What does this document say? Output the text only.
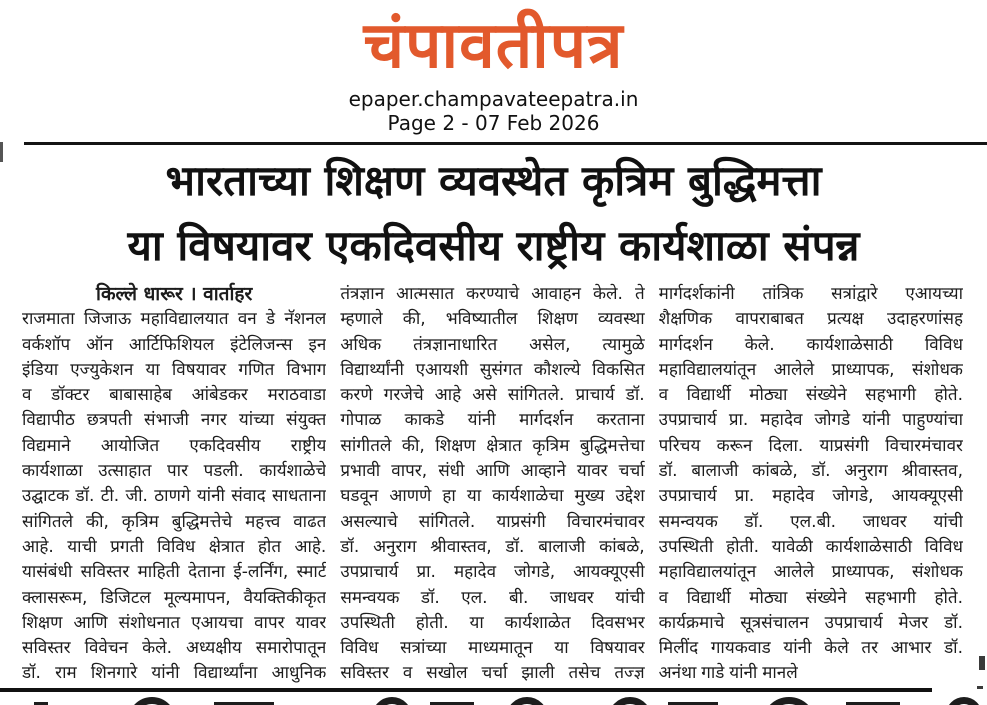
चंपावतीपत्र
epaper.champavateepatra.in
Page 2 - 07 Feb 2026
भारताच्या शिक्षण व्यवस्थेत कृत्रिम बुद्धिमत्ता
या विषयावर एकदिवसीय राष्ट्रीय कार्यशाळा संपन्न
किल्ले धारूर । वार्ताहर
राजमाता जिजाऊ महाविद्यालयात वन डे नॅशनल
वर्कशॉप ऑन आर्टिफिशियल इंटेलिजन्स इन
इंडिया एज्युकेशन या विषयावर गणित विभाग
व डॉक्टर बाबासाहेब आंबेडकर मराठवाडा
विद्यापीठ छत्रपती संभाजी नगर यांच्या संयुक्त
विद्यमाने आयोजित एकदिवसीय राष्ट्रीय
कार्यशाळा उत्साहात पार पडली. कार्यशाळेचे
उद्घाटक डॉ. टी. जी. ठाणगे यांनी संवाद साधताना
सांगितले की, कृत्रिम बुद्धिमत्तेचे महत्त्व वाढत
आहे. याची प्रगती विविध क्षेत्रात होत आहे.
यासंबंधी सविस्तर माहिती देताना ई-लर्निंग, स्मार्ट
क्लासरूम, डिजिटल मूल्यमापन, वैयक्तिकीकृत
शिक्षण आणि संशोधनात एआयचा वापर यावर
सविस्तर विवेचन केले. अध्यक्षीय समारोपातून
डॉ. राम शिनगारे यांनी विद्यार्थ्यांना आधुनिक
तंत्रज्ञान आत्मसात करण्याचे आवाहन केले. ते
म्हणाले की, भविष्यातील शिक्षण व्यवस्था
अधिक तंत्रज्ञानाधारित असेल, त्यामुळे
विद्यार्थ्यांनी एआयशी सुसंगत कौशल्ये विकसित
करणे गरजेचे आहे असे सांगितले. प्राचार्य डॉ.
गोपाळ काकडे यांनी मार्गदर्शन करताना
सांगीतले की, शिक्षण क्षेत्रात कृत्रिम बुद्धिमत्तेचा
प्रभावी वापर, संधी आणि आव्हाने यावर चर्चा
घडवून आणणे हा या कार्यशाळेचा मुख्य उद्देश
असल्याचे सांगितले. याप्रसंगी विचारमंचावर
डॉ. अनुराग श्रीवास्तव, डॉ. बालाजी कांबळे,
उपप्राचार्य प्रा. महादेव जोगडे, आयक्यूएसी
समन्वयक डॉ. एल. बी. जाधवर यांची
उपस्थिती होती. या कार्यशाळेत दिवसभर
विविध सत्रांच्या माध्यमातून या विषयावर
सविस्तर व सखोल चर्चा झाली तसेच तज्ज्ञ
मार्गदर्शकांनी तांत्रिक सत्रांद्वारे एआयच्या
शैक्षणिक वापराबाबत प्रत्यक्ष उदाहरणांसह
मार्गदर्शन केले. कार्यशाळेसाठी विविध
महाविद्यालयांतून आलेले प्राध्यापक, संशोधक
व विद्यार्थी मोठ्या संख्येने सहभागी होते.
उपप्राचार्य प्रा. महादेव जोगडे यांनी पाहुण्यांचा
परिचय करून दिला. याप्रसंगी विचारमंचावर
डॉ. बालाजी कांबळे, डॉ. अनुराग श्रीवास्तव,
उपप्राचार्य प्रा. महादेव जोगडे, आयक्यूएसी
समन्वयक डॉ. एल.बी. जाधवर यांची
उपस्थिती होती. यावेळी कार्यशाळेसाठी विविध
महाविद्यालयांतून आलेले प्राध्यापक, संशोधक
व विद्यार्थी मोठ्या संख्येने सहभागी होते.
कार्यक्रमाचे सूत्रसंचालन उपप्राचार्य मेजर डॉ.
मिलींद गायकवाड यांनी केले तर आभार डॉ.
अनंथा गाडे यांनी मानले
